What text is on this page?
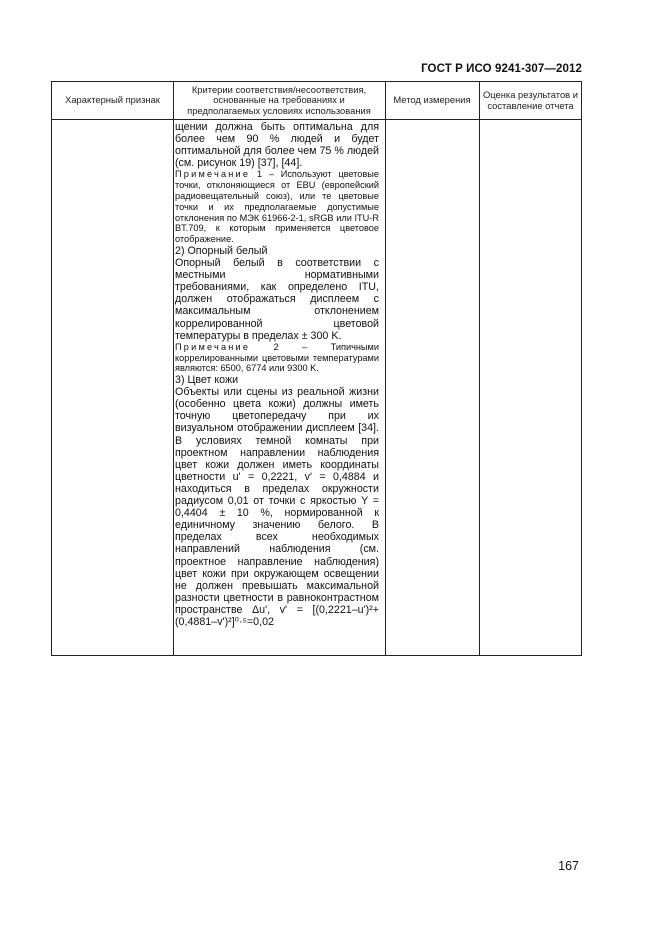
ГОСТ Р ИСО 9241-307—2012
Характерный признак
Критерии соответствия/несоответствия, основанные на требованиях и предполагаемых условиях использования
Метод измерения	Оценка результатов и составление отчета

щении должна быть оптимальна для более чем 90 % людей и будет оптимальной для более чем 75 % людей (см. рисунок 19) [37], [44].

Примечание 1 – Используют цветовые точки, отклоняющиеся от EBU (европейский радиовещательный союз), или те цветовые точки и их предполагаемые допустимые отклонения по МЭК 61966-2-1, sRGB или ITU-R BT.709, к которым применяется цветовое отображение.

2) Опорный белый

Опорный белый в соответствии с местными нормативными требованиями, как определено ITU, должен отображаться дисплеем с максимальным отклонением коррелированной цветовой температуры в пределах ± 300 K.

Примечание 2 – Типичными коррелированными цветовыми температурами являются: 6500, 6774 или 9300 K.

3) Цвет кожи

Объекты или сцены из реальной жизни (особенно цвета кожи) должны иметь точную цветопередачу при их визуальном отображении дисплеем [34]. В условиях темной комнаты при проектном направлении наблюдения цвет кожи должен иметь координаты цветности u' = 0,2221, v' = 0,4884 и находиться в пределах окружности радиусом 0,01 от точки с яркостью Y = 0,4404 ± 10 %, нормированной к единичному значению белого. В пределах всех необходимых направлений наблюдения (см. проектное направление наблюдения) цвет кожи при окружающем освещении не должен превышать максимальной разности цветности в равноконтрастном пространстве Δu', v' = [(0,2221–u')²+(0,4881–v')²]⁰·⁵=0,02

167
